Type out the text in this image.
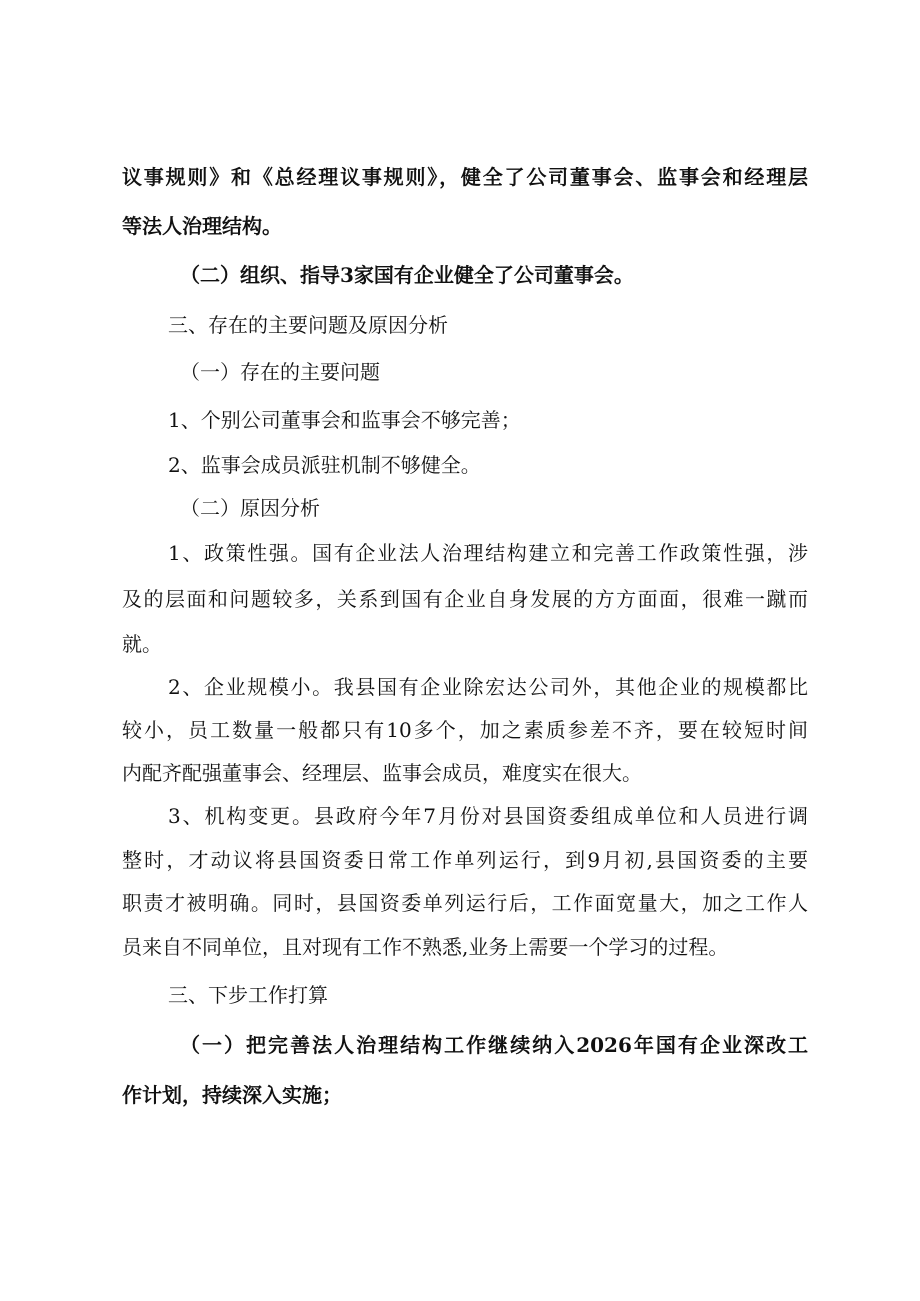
议事规则》和《总经理议事规则》，健全了公司董事会、监事会和经理层

等法人治理结构。

（二）组织、指导3家国有企业健全了公司董事会。

三、存在的主要问题及原因分析

（一）存在的主要问题

1、个别公司董事会和监事会不够完善；

2、监事会成员派驻机制不够健全。

（二）原因分析

1、政策性强。国有企业法人治理结构建立和完善工作政策性强，涉

及的层面和问题较多，关系到国有企业自身发展的方方面面，很难一蹴而

就。

2、企业规模小。我县国有企业除宏达公司外，其他企业的规模都比

较小，员工数量一般都只有10多个，加之素质参差不齐，要在较短时间

内配齐配强董事会、经理层、监事会成员，难度实在很大。

3、机构变更。县政府今年7月份对县国资委组成单位和人员进行调

整时，才动议将县国资委日常工作单列运行，到9月初,县国资委的主要

职责才被明确。同时，县国资委单列运行后，工作面宽量大，加之工作人

员来自不同单位，且对现有工作不熟悉,业务上需要一个学习的过程。

三、下步工作打算

（一）把完善法人治理结构工作继续纳入2026年国有企业深改工

作计划，持续深入实施；
